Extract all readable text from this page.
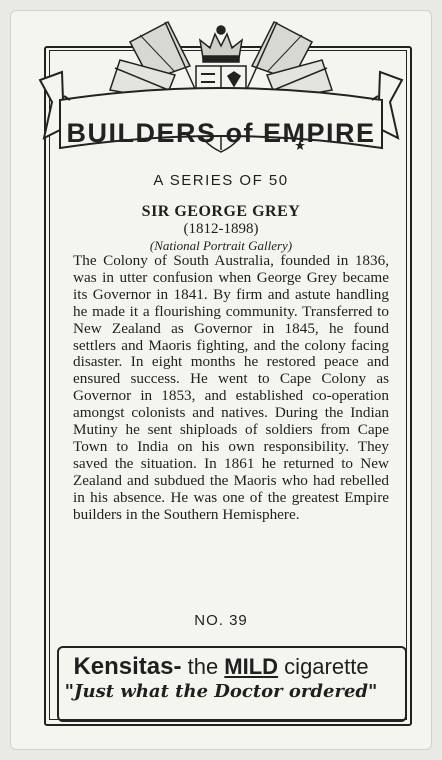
BUILDERS of EMPIRE
A SERIES OF 50
SIR GEORGE GREY
(1812-1898)
(National Portrait Gallery)

The Colony of South Australia, founded in 1836, was in utter confusion when George Grey became its Governor in 1841. By firm and astute handling he made it a flourishing community. Transferred to New Zealand as Governor in 1845, he found settlers and Maoris fighting, and the colony facing disaster. In eight months he restored peace and ensured success. He went to Cape Colony as Governor in 1853, and established co-operation amongst colonists and natives. During the Indian Mutiny he sent shiploads of soldiers from Cape Town to India on his own responsibility. They saved the situation. In 1861 he returned to New Zealand and subdued the Maoris who had rebelled in his absence. He was one of the greatest Empire builders in the Southern Hemisphere.

NO. 39
Kensitas- the MILD cigarette
"Just what the Doctor ordered"
